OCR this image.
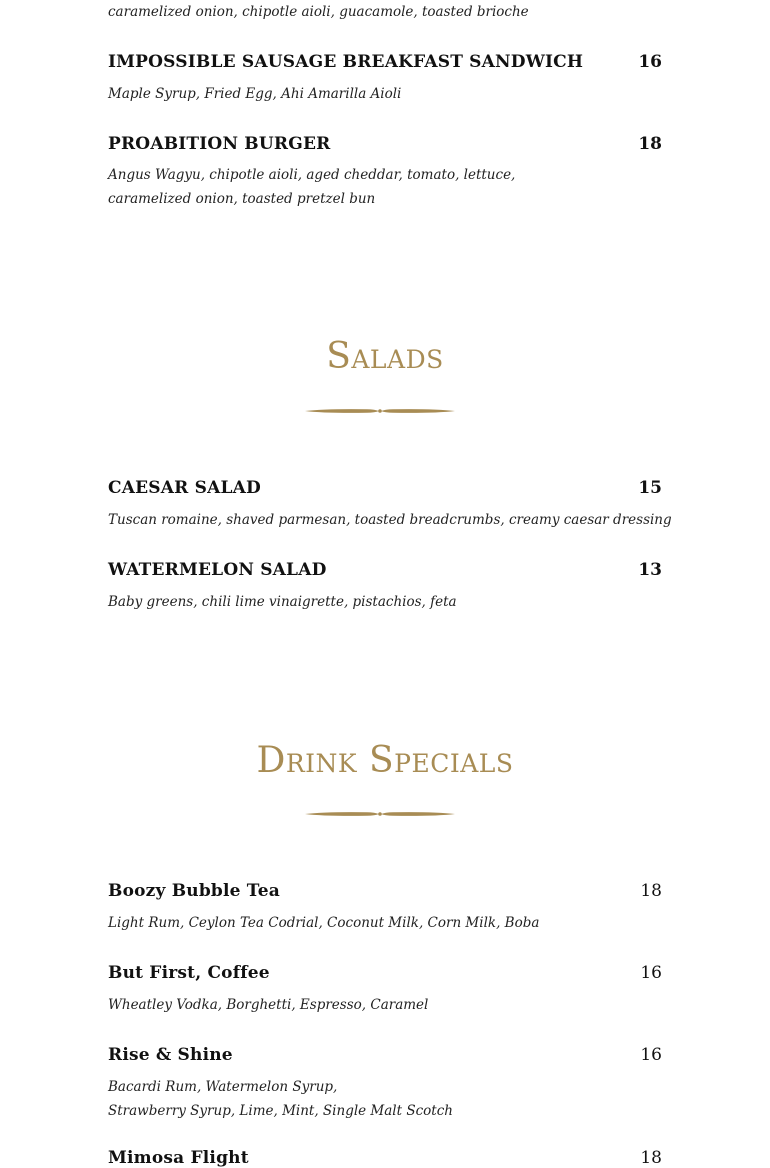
caramelized onion, chipotle aioli, guacamole, toasted brioche
IMPOSSIBLE SAUSAGE BREAKFAST SANDWICH	16
Maple Syrup, Fried Egg, Ahi Amarilla Aioli
PROABITION BURGER	18
Angus Wagyu, chipotle aioli, aged cheddar, tomato, lettuce,
caramelized onion, toasted pretzel bun
Salads
CAESAR SALAD	15
Tuscan romaine, shaved parmesan, toasted breadcrumbs, creamy caesar dressing
WATERMELON SALAD	13
Baby greens, chili lime vinaigrette, pistachios, feta
Drink Specials
Boozy Bubble Tea	18
Light Rum, Ceylon Tea Codrial, Coconut Milk, Corn Milk, Boba
But First, Coffee	16
Wheatley Vodka, Borghetti, Espresso, Caramel
Rise & Shine	16
Bacardi Rum, Watermelon Syrup,
Strawberry Syrup, Lime, Mint, Single Malt Scotch
Mimosa Flight	18
